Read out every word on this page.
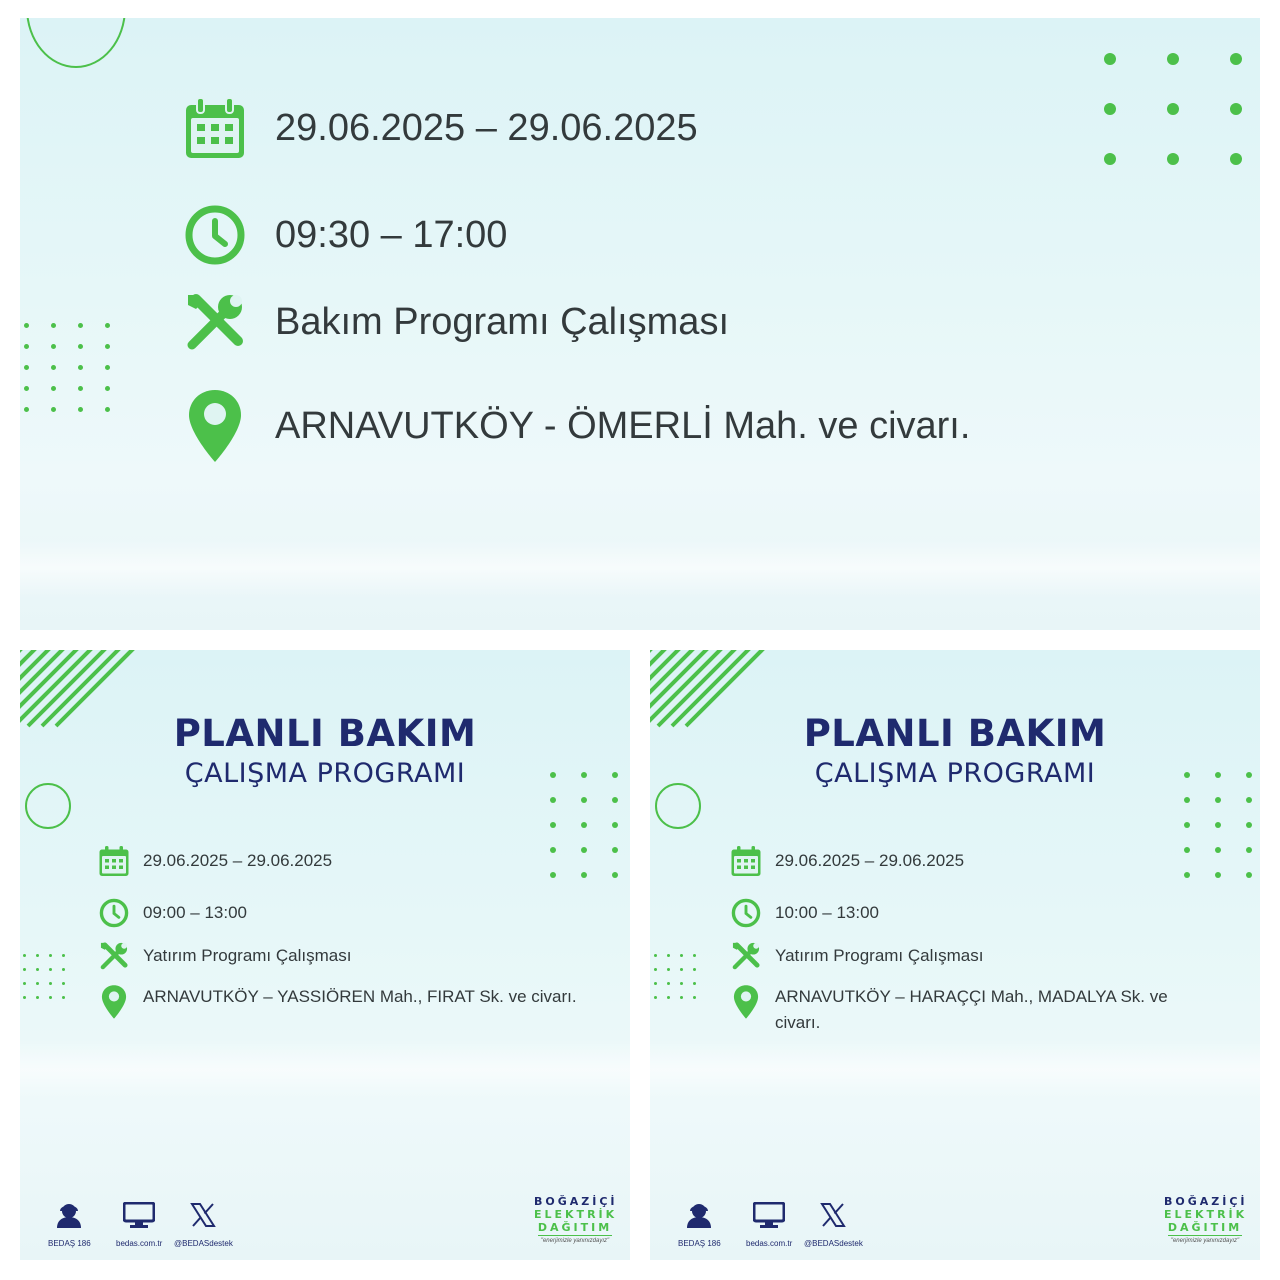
29.06.2025 – 29.06.2025
09:30 – 17:00
Bakım Programı Çalışması
ARNAVUTKÖY - ÖMERLİ Mah. ve civarı.
PLANLI BAKIM
ÇALIŞMA PROGRAMI
29.06.2025 – 29.06.2025
09:00 – 13:00
Yatırım Programı Çalışması
ARNAVUTKÖY – YASSIÖREN Mah., FIRAT Sk. ve civarı.
BEDAŞ 186	bedas.com.tr @BEDASdestek
BOĞAZİÇİ
ELEKTRİK
DAĞITIM
"enerjimizle yanınızdayız"
PLANLI BAKIM
ÇALIŞMA PROGRAMI
29.06.2025 – 29.06.2025
10:00 – 13:00
Yatırım Programı Çalışması
ARNAVUTKÖY – HARAÇÇI Mah., MADALYA Sk. ve civarı.
BEDAŞ 186	bedas.com.tr @BEDASdestek
BOĞAZİÇİ
ELEKTRİK
DAĞITIM
"enerjimizle yanınızdayız"
